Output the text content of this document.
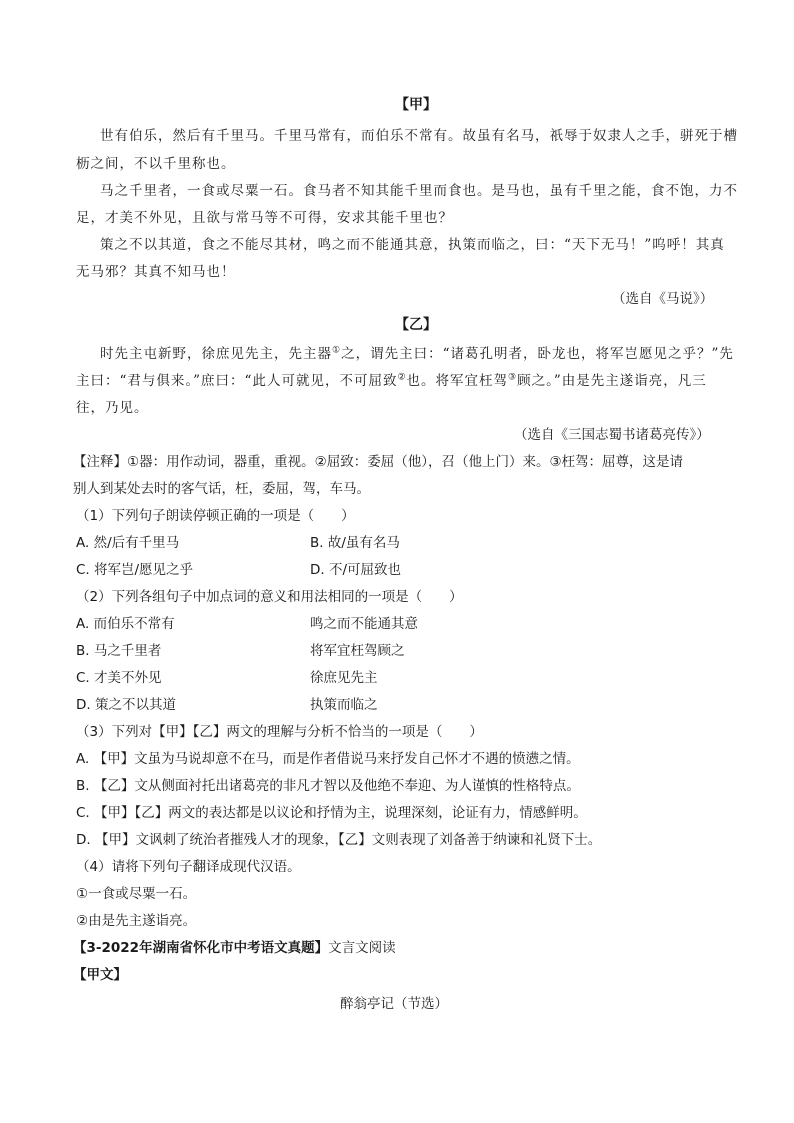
【甲】
世有伯乐，然后有千里马。千里马常有，而伯乐不常有。故虽有名马，祇辱于奴隶人之手，骈死于槽
枥之间，不以千里称也。
马之千里者，一食或尽粟一石。食马者不知其能千里而食也。是马也，虽有千里之能，食不饱，力不
足，才美不外见，且欲与常马等不可得，安求其能千里也？
策之不以其道，食之不能尽其材，鸣之而不能通其意，执策而临之，曰：“天下无马！”呜呼！其真
无马邪？其真不知马也！
（选自《马说》）
【乙】
时先主屯新野，徐庶见先主，先主器①之，谓先主曰：“诸葛孔明者，卧龙也，将军岂愿见之乎？”先
主曰：“君与俱来。”庶曰：“此人可就见，不可屈致②也。将军宜枉驾③顾之。”由是先主遂诣亮，凡三
往，乃见。
（选自《三国志蜀书诸葛亮传》）
【注释】①器：用作动词，器重，重视。②屈致：委屈（他），召（他上门）来。③枉驾：屈尊，这是请
别人到某处去时的客气话，枉，委屈，驾，车马。
（1）下列句子朗读停顿正确的一项是（　　）
A. 然/后有千里马	B. 故/虽有名马
C. 将军岂/愿见之乎	D. 不/可屈致也
（2）下列各组句子中加点词的意义和用法相同的一项是（　　）
A. 而伯乐不常有	鸣之而不能通其意
B. 马之千里者	将军宜枉驾顾之
C. 才美不外见	徐庶见先主
D. 策之不以其道	执策而临之
（3）下列对【甲】【乙】两文的理解与分析不恰当的一项是（　　）
A. 【甲】文虽为马说却意不在马，而是作者借说马来抒发自己怀才不遇的愤懑之情。
B. 【乙】文从侧面衬托出诸葛亮的非凡才智以及他绝不奉迎、为人谨慎的性格特点。
C. 【甲】【乙】两文的表达都是以议论和抒情为主，说理深刻，论证有力，情感鲜明。
D. 【甲】文讽刺了统治者摧残人才的现象，【乙】文则表现了刘备善于纳谏和礼贤下士。
（4）请将下列句子翻译成现代汉语。
①一食或尽粟一石。
②由是先主遂诣亮。
【3-2022年湖南省怀化市中考语文真题】文言文阅读
【甲文】
醉翁亭记（节选）
